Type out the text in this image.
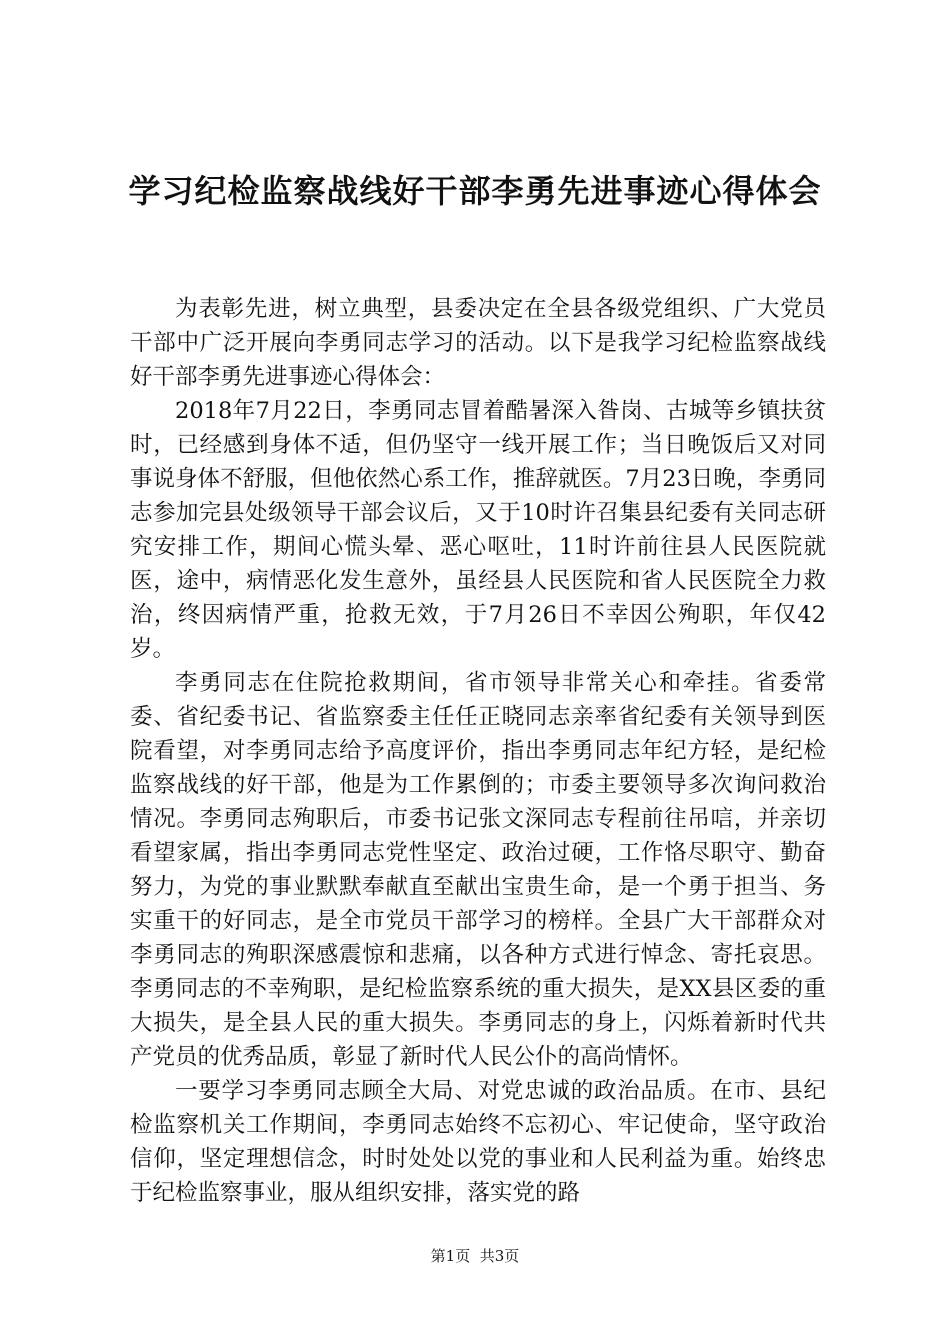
学习纪检监察战线好干部李勇先进事迹心得体会

为表彰先进，树立典型，县委决定在全县各级党组织、广大党员干部中广泛开展向李勇同志学习的活动。以下是我学习纪检监察战线好干部李勇先进事迹心得体会：

2018年7月22日，李勇同志冒着酷暑深入昝岗、古城等乡镇扶贫时，已经感到身体不适，但仍坚守一线开展工作；当日晚饭后又对同事说身体不舒服，但他依然心系工作，推辞就医。7月23日晚，李勇同志参加完县处级领导干部会议后，又于10时许召集县纪委有关同志研究安排工作，期间心慌头晕、恶心呕吐，11时许前往县人民医院就医，途中，病情恶化发生意外，虽经县人民医院和省人民医院全力救治，终因病情严重，抢救无效，于7月26日不幸因公殉职，年仅42岁。

李勇同志在住院抢救期间，省市领导非常关心和牵挂。省委常委、省纪委书记、省监察委主任任正晓同志亲率省纪委有关领导到医院看望，对李勇同志给予高度评价，指出李勇同志年纪方轻，是纪检监察战线的好干部，他是为工作累倒的；市委主要领导多次询问救治情况。李勇同志殉职后，市委书记张文深同志专程前往吊唁，并亲切看望家属，指出李勇同志党性坚定、政治过硬，工作恪尽职守、勤奋努力，为党的事业默默奉献直至献出宝贵生命，是一个勇于担当、务实重干的好同志，是全市党员干部学习的榜样。全县广大干部群众对李勇同志的殉职深感震惊和悲痛，以各种方式进行悼念、寄托哀思。李勇同志的不幸殉职，是纪检监察系统的重大损失，是XX县区委的重大损失，是全县人民的重大损失。李勇同志的身上，闪烁着新时代共产党员的优秀品质，彰显了新时代人民公仆的高尚情怀。

一要学习李勇同志顾全大局、对党忠诚的政治品质。在市、县纪检监察机关工作期间，李勇同志始终不忘初心、牢记使命，坚守政治信仰，坚定理想信念，时时处处以党的事业和人民利益为重。始终忠于纪检监察事业，服从组织安排，落实党的路

第1页 共3页
